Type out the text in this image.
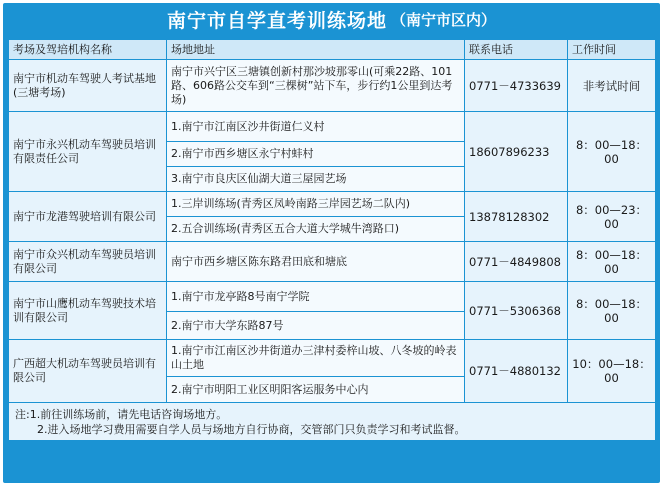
南宁市自学直考训练场地 （南宁市区内）
考场及驾培机构名称	场地地址	联系电话	工作时间
南宁市机动车驾驶人考试基地(三塘考场)	南宁市兴宁区三塘镇创新村那沙坡那零山(可乘22路、101路、606路公交车到“三棵树”站下车，步行约1公里到达考场)	0771－4733639	非考试时间
南宁市永兴机动车驾驶员培训有限责任公司	1.南宁市江南区沙井街道仁义村	18607896233	8：00—18：00
	2.南宁市西乡塘区永宁村蚌村		
	3.南宁市良庆区仙湖大道三屋园艺场		
南宁市龙港驾驶培训有限公司	1.三岸训练场(青秀区凤岭南路三岸园艺场二队内)	13878128302	8：00—23：00
	2.五合训练场(青秀区五合大道大学城牛湾路口)		
南宁市众兴机动车驾驶员培训有限公司	南宁市西乡塘区陈东路君田底和塘底	0771－4849808	8：00—18：00
南宁市山鹰机动车驾驶技术培训有限公司	1.南宁市龙亭路8号南宁学院	0771－5306368	8：00—18：00
	2.南宁市大学东路87号		
广西超大机动车驾驶员培训有限公司	1.南宁市江南区沙井街道办三津村委梓山坡、八冬坡的岭表山土地	0771－4880132	10：00—18：00
	2.南宁市明阳工业区明阳客运服务中心内		

注:1.前往训练场前，请先电话咨询场地方。
2.进入场地学习费用需要自学人员与场地方自行协商，交管部门只负责学习和考试监督。			
